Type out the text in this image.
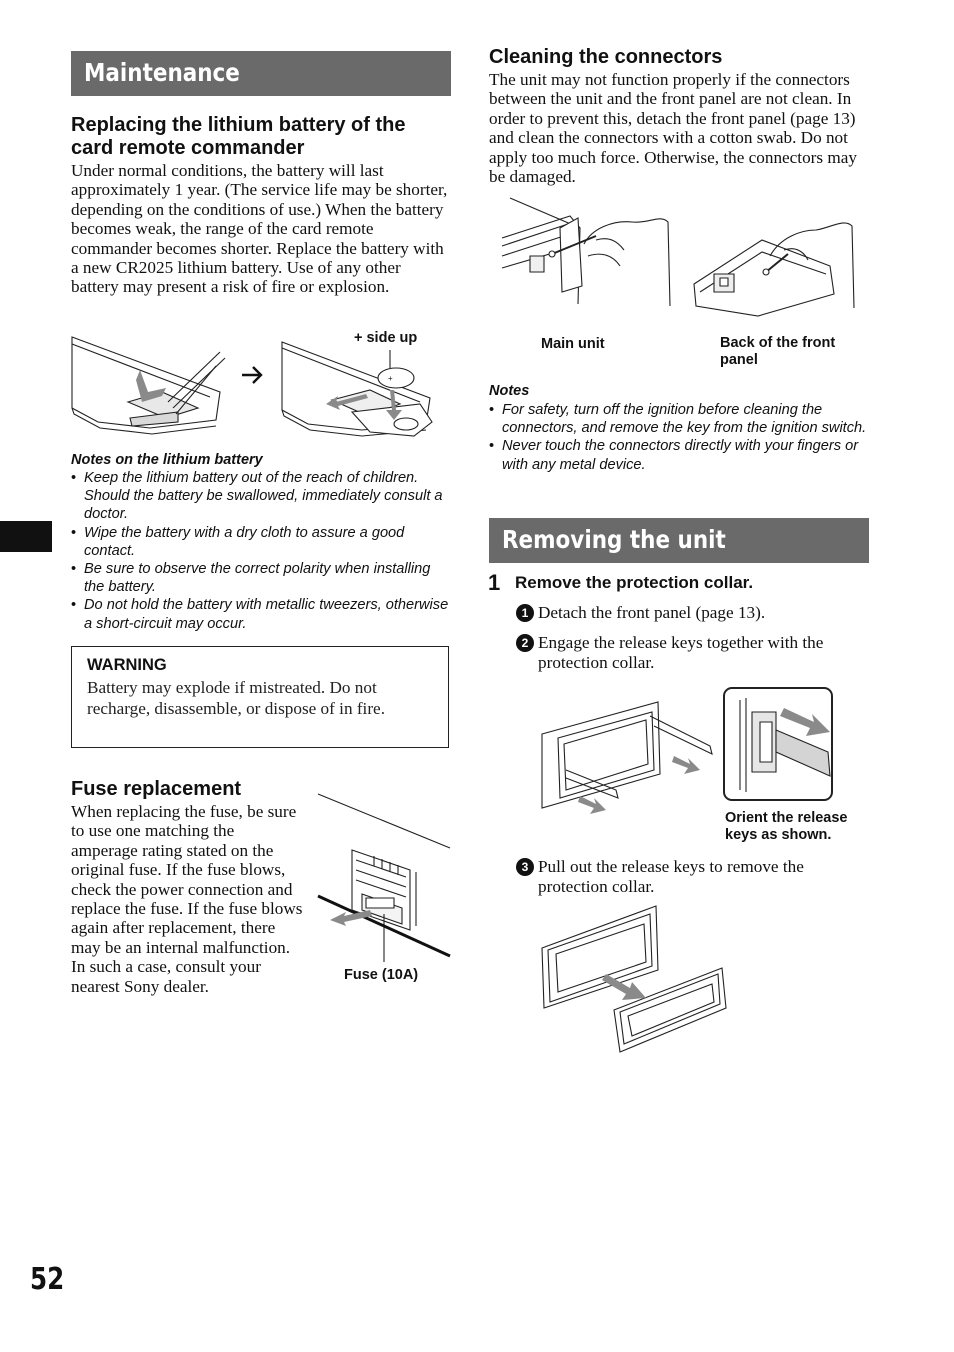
Maintenance
Replacing the lithium battery of the card remote commander

Under normal conditions, the battery will last approximately 1 year. (The service life may be shorter, depending on the conditions of use.) When the battery becomes weak, the range of the card remote commander becomes shorter. Replace the battery with a new CR2025 lithium battery. Use of any other battery may present a risk of fire or explosion.

+
+ side up

Notes on the lithium battery

• Keep the lithium battery out of the reach of children. Should the battery be swallowed, immediately consult a doctor.
• Wipe the battery with a dry cloth to assure a good contact.
• Be sure to observe the correct polarity when installing the battery.
• Do not hold the battery with metallic tweezers, otherwise a short-circuit may occur.
WARNING
Battery may explode if mistreated. Do not recharge, disassemble, or dispose of in fire.
Fuse replacement

When replacing the fuse, be sure to use one matching the amperage rating stated on the original fuse. If the fuse blows, check the power connection and replace the fuse. If the fuse blows again after replacement, there may be an internal malfunction. In such a case, consult your nearest Sony dealer.

Fuse (10A)
52
Cleaning the connectors

The unit may not function properly if the connectors between the unit and the front panel are not clean. In order to prevent this, detach the front panel (page 13) and clean the connectors with a cotton swab. Do not apply too much force. Otherwise, the connectors may be damaged.

Main unit	Back of the front panel

Notes

• For safety, turn off the ignition before cleaning the connectors, and remove the key from the ignition switch.
• Never touch the connectors directly with your fingers or with any metal device.
Removing the unit
1 Remove the protection collar.
1 Detach the front panel (page 13).
2 Engage the release keys together with the protection collar.
Orient the release keys as shown.
3 Pull out the release keys to remove the protection collar.
